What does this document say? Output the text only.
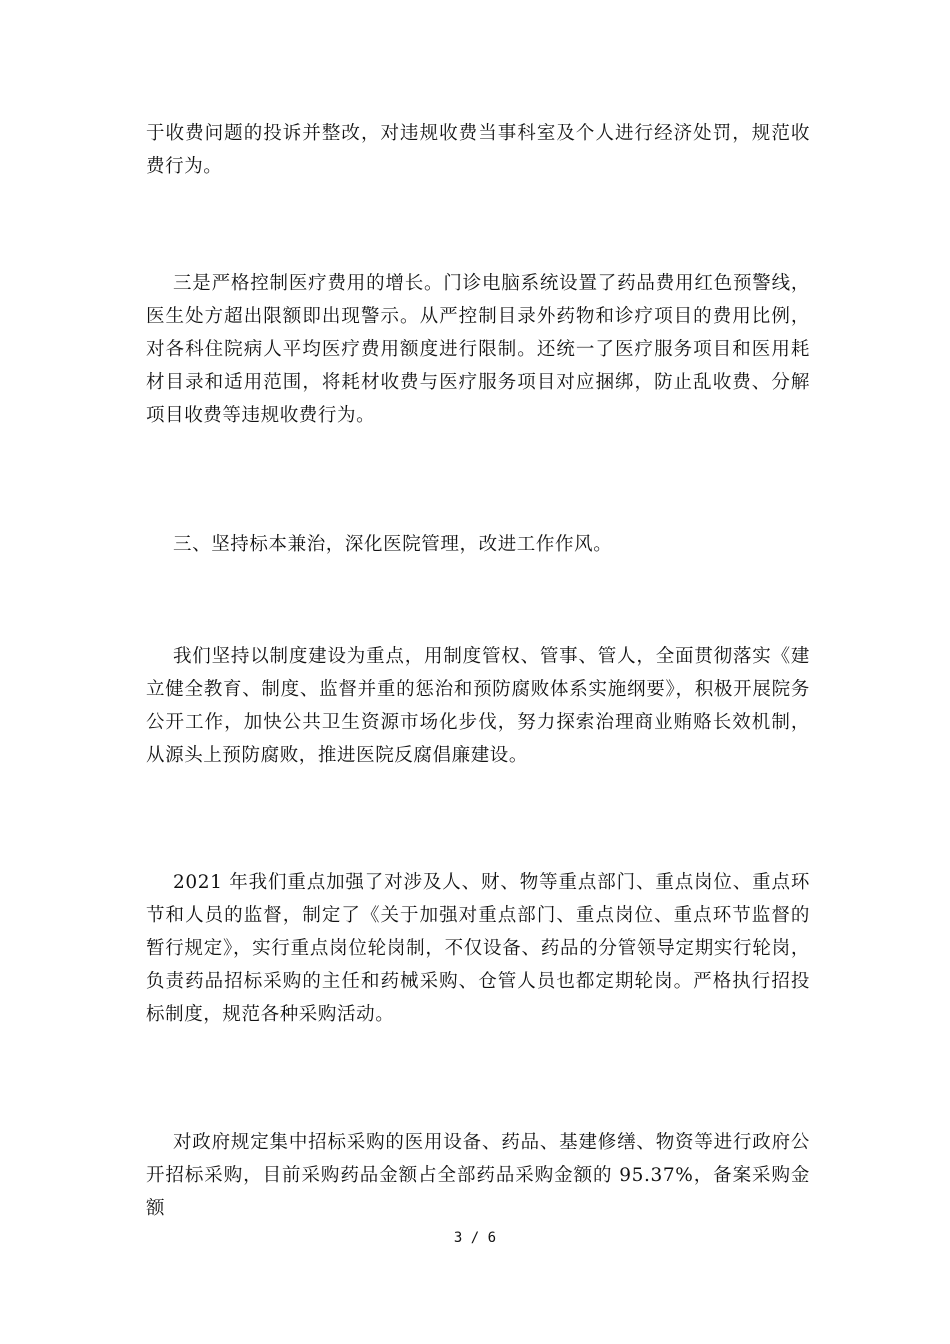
于收费问题的投诉并整改，对违规收费当事科室及个人进行经济处罚，规范收费行为。

三是严格控制医疗费用的增长。门诊电脑系统设置了药品费用红色预警线，医生处方超出限额即出现警示。从严控制目录外药物和诊疗项目的费用比例，对各科住院病人平均医疗费用额度进行限制。还统一了医疗服务项目和医用耗材目录和适用范围，将耗材收费与医疗服务项目对应捆绑，防止乱收费、分解项目收费等违规收费行为。

三、坚持标本兼治，深化医院管理，改进工作作风。

我们坚持以制度建设为重点，用制度管权、管事、管人，全面贯彻落实《建立健全教育、制度、监督并重的惩治和预防腐败体系实施纲要》，积极开展院务公开工作，加快公共卫生资源市场化步伐，努力探索治理商业贿赂长效机制，从源头上预防腐败，推进医院反腐倡廉建设。

2021 年我们重点加强了对涉及人、财、物等重点部门、重点岗位、重点环节和人员的监督，制定了《关于加强对重点部门、重点岗位、重点环节监督的暂行规定》，实行重点岗位轮岗制，不仅设备、药品的分管领导定期实行轮岗，负责药品招标采购的主任和药械采购、仓管人员也都定期轮岗。严格执行招投标制度，规范各种采购活动。

对政府规定集中招标采购的医用设备、药品、基建修缮、物资等进行政府公开招标采购，目前采购药品金额占全部药品采购金额的 95.37%，备案采购金额

3 / 6
